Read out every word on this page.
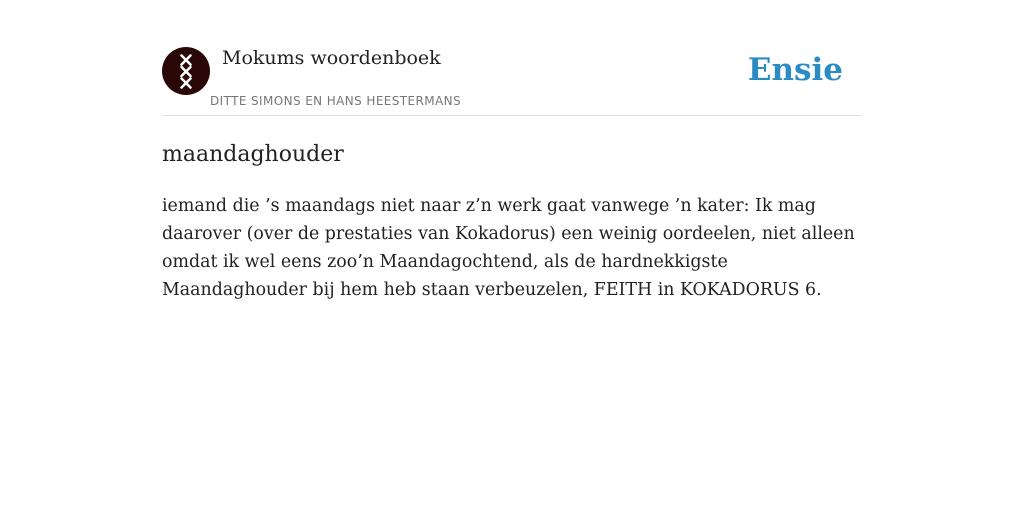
Mokums woordenboek
DITTE SIMONS EN HANS HEESTERMANS
Ensie
maandaghouder

iemand die ’s maandags niet naar z’n werk gaat vanwege ’n kater: Ik mag daarover (over de prestaties van Kokadorus) een weinig oordeelen, niet alleen omdat ik wel eens zoo’n Maandagochtend, als de hardnekkigste Maandaghouder bij hem heb staan verbeuzelen, FEITH in KOKADORUS 6.
